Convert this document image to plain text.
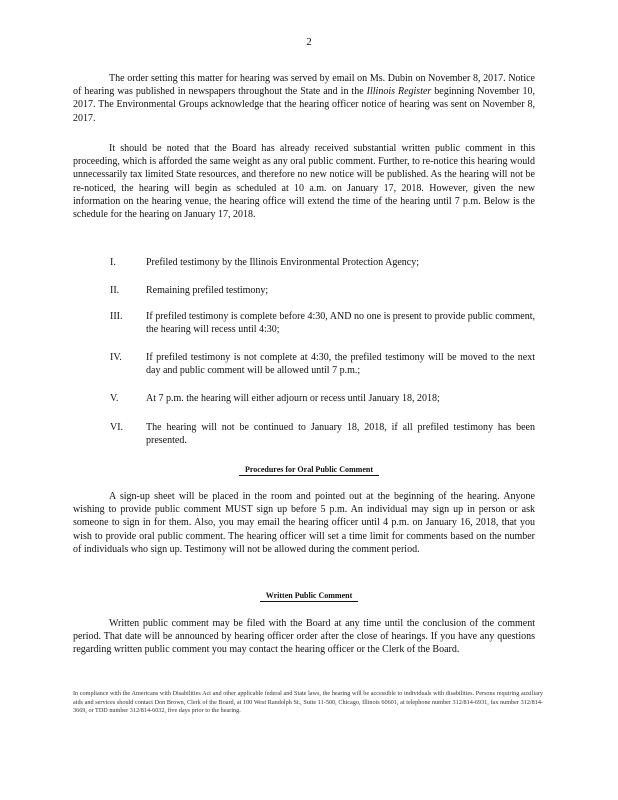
2

The order setting this matter for hearing was served by email on Ms. Dubin on November 8, 2017. Notice of hearing was published in newspapers throughout the State and in the Illinois Register beginning November 10, 2017. The Environmental Groups acknowledge that the hearing officer notice of hearing was sent on November 8, 2017.

It should be noted that the Board has already received substantial written public comment in this proceeding, which is afforded the same weight as any oral public comment. Further, to re-notice this hearing would unnecessarily tax limited State resources, and therefore no new notice will be published. As the hearing will not be re-noticed, the hearing will begin as scheduled at 10 a.m. on January 17, 2018. However, given the new information on the hearing venue, the hearing office will extend the time of the hearing until 7 p.m. Below is the schedule for the hearing on January 17, 2018.

I.	Prefiled testimony by the Illinois Environmental Protection Agency;
II.	Remaining prefiled testimony;
III.	If prefiled testimony is complete before 4:30, AND no one is present to provide public comment, the hearing will recess until 4:30;
IV.	If prefiled testimony is not complete at 4:30, the prefiled testimony will be moved to the next day and public comment will be allowed until 7 p.m.;
V.	At 7 p.m. the hearing will either adjourn or recess until January 18, 2018;
VI.	The hearing will not be continued to January 18, 2018, if all prefiled testimony has been presented.
Procedures for Oral Public Comment

A sign-up sheet will be placed in the room and pointed out at the beginning of the hearing. Anyone wishing to provide public comment MUST sign up before 5 p.m. An individual may sign up in person or ask someone to sign in for them. Also, you may email the hearing officer until 4 p.m. on January 16, 2018, that you wish to provide oral public comment. The hearing officer will set a time limit for comments based on the number of individuals who sign up. Testimony will not be allowed during the comment period.

Written Public Comment

Written public comment may be filed with the Board at any time until the conclusion of the comment period. That date will be announced by hearing officer order after the close of hearings. If you have any questions regarding written public comment you may contact the hearing officer or the Clerk of the Board.

In compliance with the Americans with Disabilities Act and other applicable federal and State laws, the hearing will be accessible to individuals with disabilities. Persons requiring auxiliary aids and services should contact Don Brown, Clerk of the Board, at 100 West Randolph St., Suite 11-500, Chicago, Illinois 60601, at telephone number 312/814-6931, fax number 312/814-3669, or TDD number 312/814-6032, five days prior to the hearing.
